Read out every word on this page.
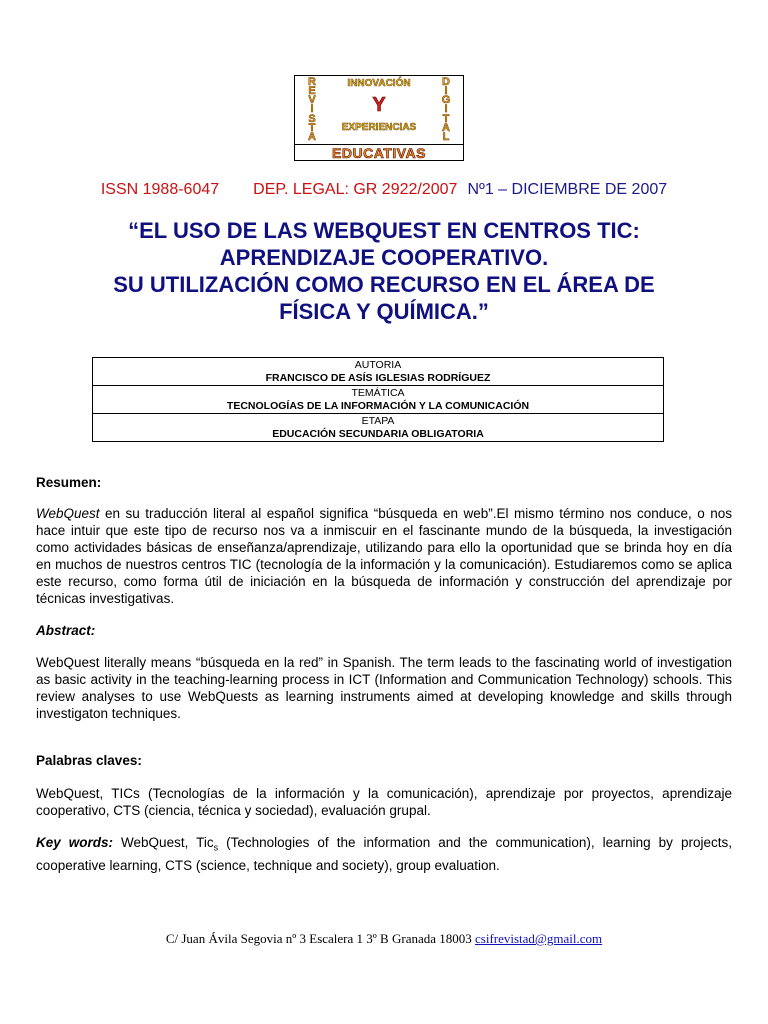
R
E
V
I
S
T
A
INNOVACIÓN
Y
EXPERIENCIAS
D
I
G
I
T
A
L
EDUCATIVAS
ISSN 1988-6047 DEP. LEGAL: GR 2922/2007 Nº1 – DICIEMBRE DE 2007
“EL USO DE LAS WEBQUEST EN CENTROS TIC:
APRENDIZAJE COOPERATIVO.
SU UTILIZACIÓN COMO RECURSO EN EL ÁREA DE
FÍSICA Y QUÍMICA.”
AUTORIA
FRANCISCO DE ASÍS IGLESIAS RODRÍGUEZ

TEMÁTICA
TECNOLOGÍAS DE LA INFORMACIÓN Y LA COMUNICACIÓN

ETAPA
EDUCACIÓN SECUNDARIA OBLIGATORIA
Resumen:
WebQuest en su traducción literal al español significa “búsqueda en web”.El mismo término nos conduce, o nos hace intuir que este tipo de recurso nos va a inmiscuir en el fascinante mundo de la búsqueda, la investigación como actividades básicas de enseñanza/aprendizaje, utilizando para ello la oportunidad que se brinda hoy en día en muchos de nuestros centros TIC (tecnología de la información y la comunicación). Estudiaremos como se aplica este recurso, como forma útil de iniciación en la búsqueda de información y construcción del aprendizaje por técnicas investigativas.
Abstract:
WebQuest literally means “búsqueda en la red” in Spanish. The term leads to the fascinating world of investigation as basic activity in the teaching-learning process in ICT (Information and Communication Technology) schools. This review analyses to use WebQuests as learning instruments aimed at developing knowledge and skills through investigaton techniques.
Palabras claves:
WebQuest, TICs (Tecnologías de la información y la comunicación), aprendizaje por proyectos, aprendizaje cooperativo, CTS (ciencia, técnica y sociedad), evaluación grupal.
Key words: WebQuest, Tic$_s$ (Technologies of the information and the communication), learning by projects, cooperative learning, CTS (science, technique and society), group evaluation.
C/ Juan Ávila Segovia nº 3 Escalera 1 3º B Granada 18003 csifrevistad@gmail.com
